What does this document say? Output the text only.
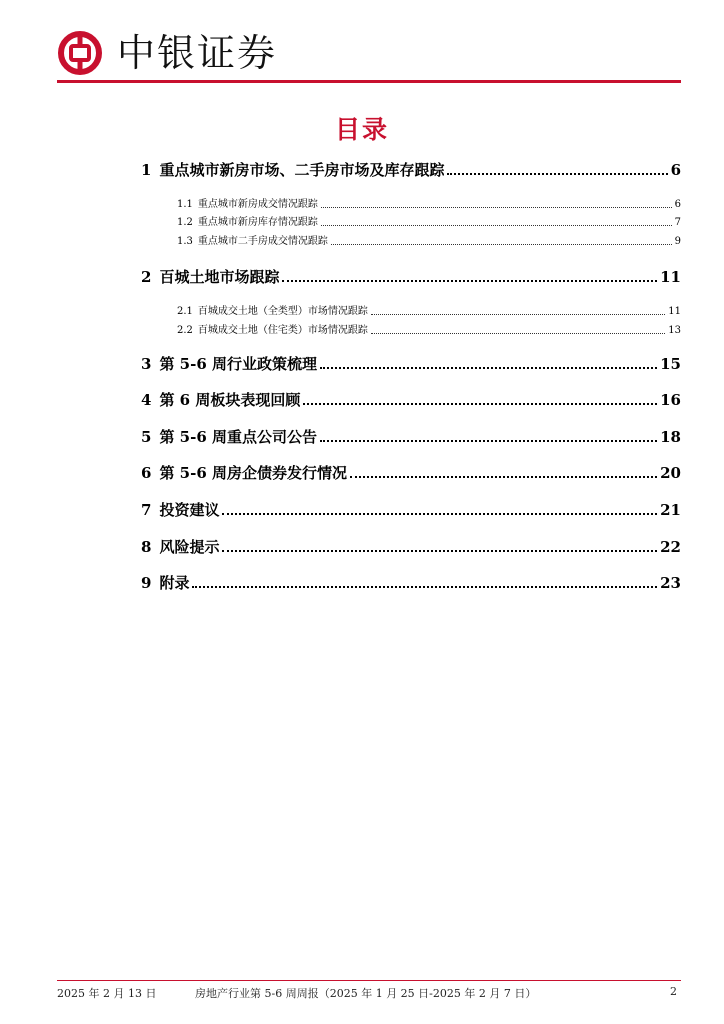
中银证券
目录
1 重点城市新房市场、二手房市场及库存跟踪	6
1.1 重点城市新房成交情况跟踪	6
1.2 重点城市新房库存情况跟踪	7
1.3 重点城市二手房成交情况跟踪	9
2 百城土地市场跟踪	11
2.1 百城成交土地（全类型）市场情况跟踪	11
2.2 百城成交土地（住宅类）市场情况跟踪	13
3 第 5-6 周行业政策梳理	15
4 第 6 周板块表现回顾	16
5 第 5-6 周重点公司公告	18
6 第 5-6 周房企债券发行情况	20
7 投资建议	21
8 风险提示	22
9 附录	23
2025 年 2 月 13 日	房地产行业第 5-6 周周报（2025 年 1 月 25 日-2025 年 2 月 7 日）	2
